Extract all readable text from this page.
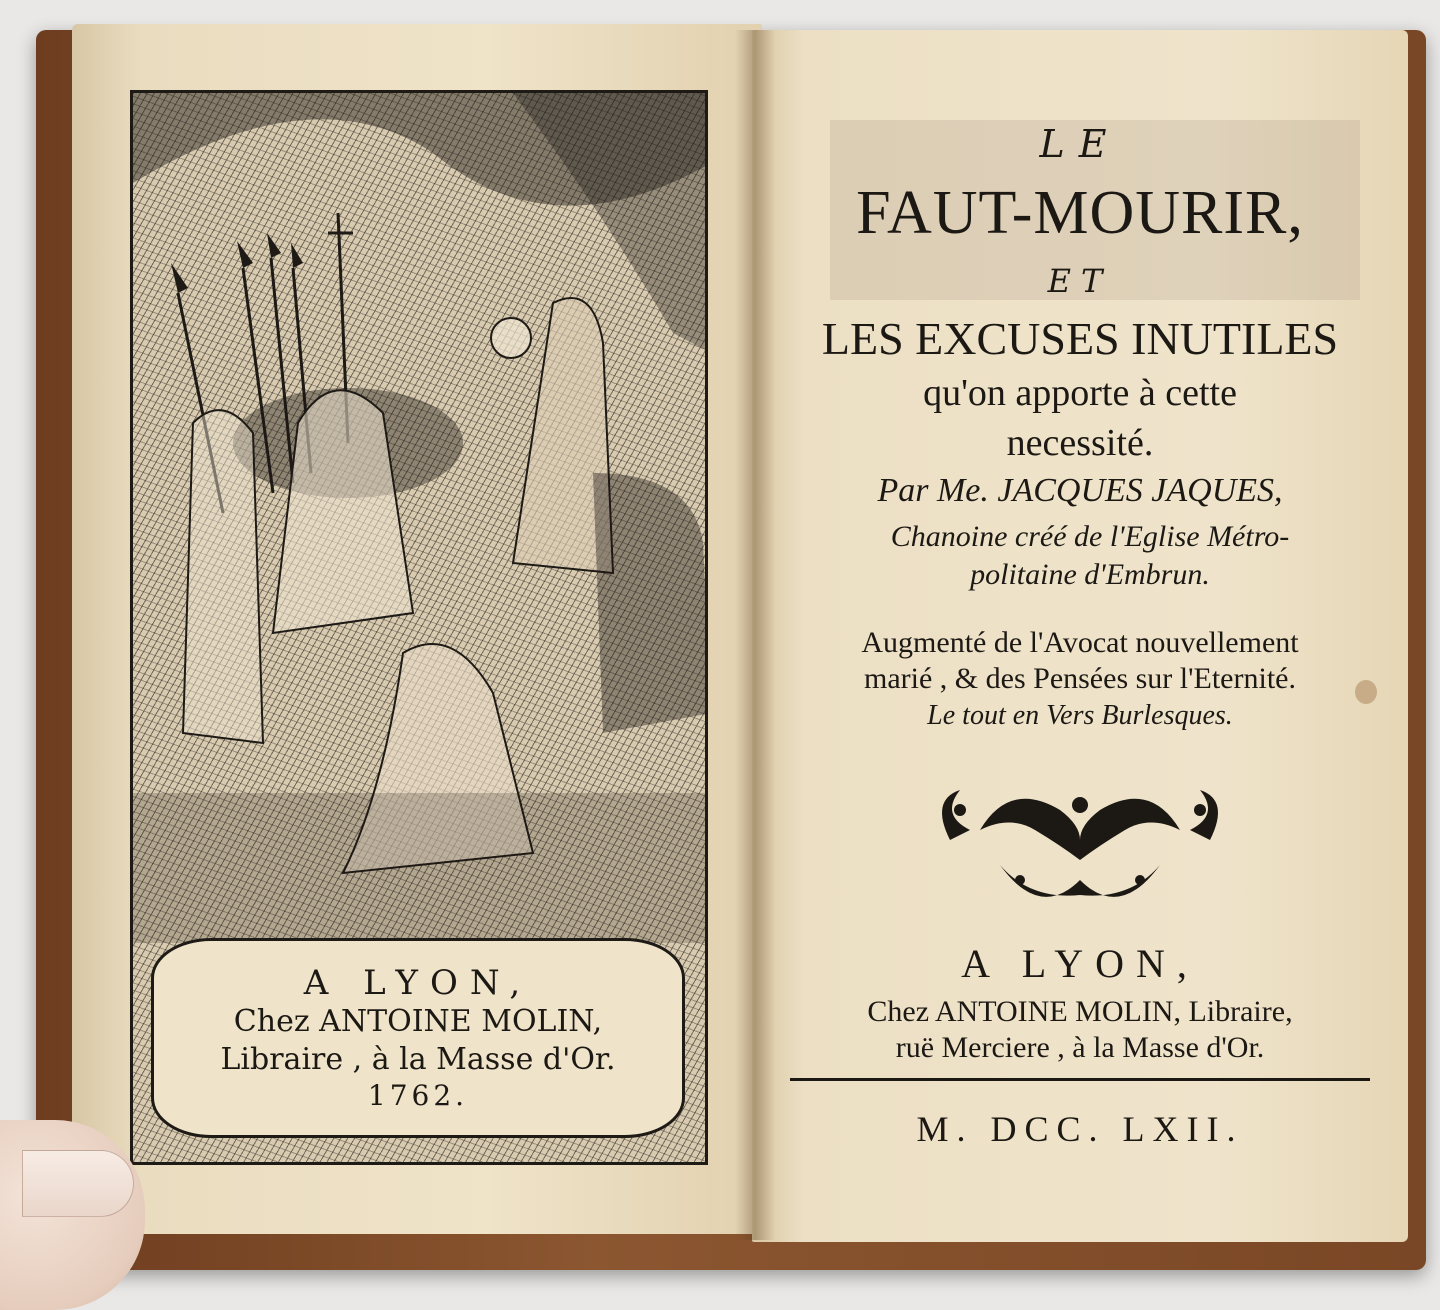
A LYON,
Chez ANTOINE MOLIN,
Libraire , à la Masse d'Or.
1762.
LE
FAUT-MOURIR,
ET
LES EXCUSES INUTILES
qu'on apporte à cette
necessité.
Par Me. JACQUES JAQUES,
Chanoine créé de l'Eglise Métro-
politaine d'Embrun.
Augmenté de l'Avocat nouvellement
marié , & des Pensées sur l'Eternité.
Le tout en Vers Burlesques.
A LYON,
Chez ANTOINE MOLIN, Libraire,
ruë Merciere , à la Masse d'Or.
M. DCC. LXII.
